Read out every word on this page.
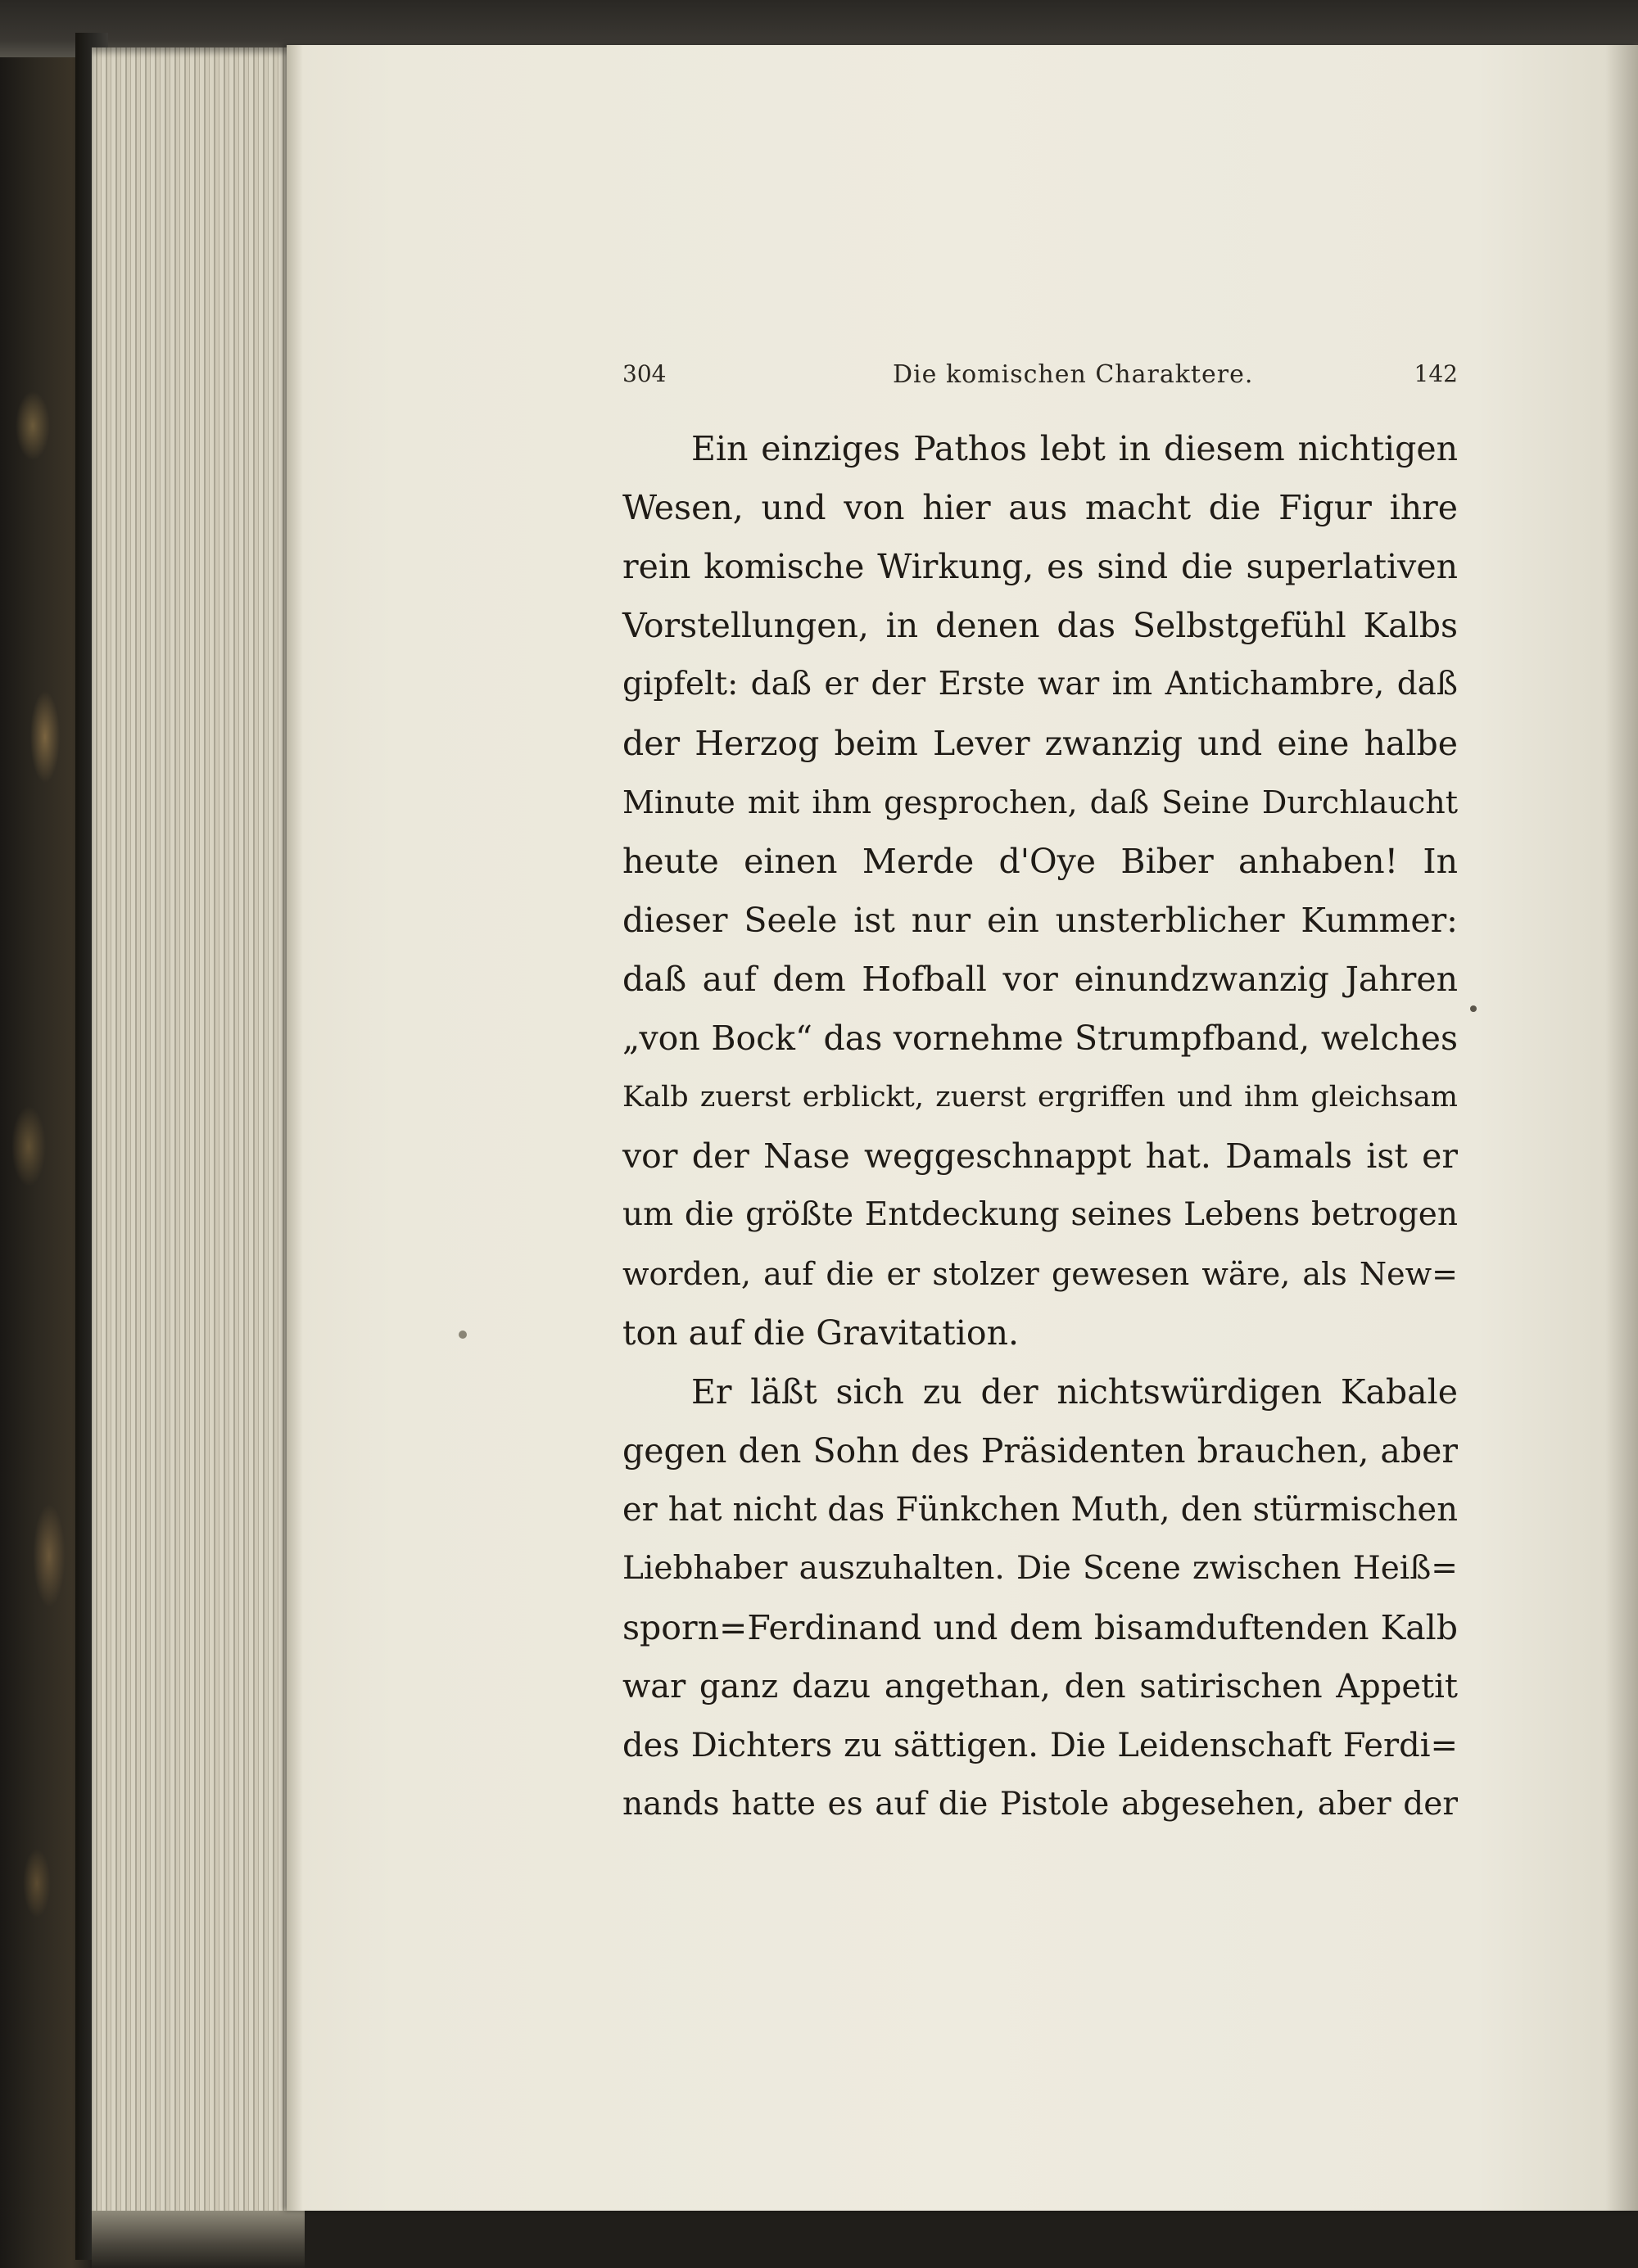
304	Die komischen Charaktere.	142
Ein einziges Pathos lebt in diesem nichtigen
Wesen, und von hier aus macht die Figur ihre
rein komische Wirkung, es sind die superlativen
Vorstellungen, in denen das Selbstgefühl Kalbs
gipfelt: daß er der Erste war im Antichambre, daß
der Herzog beim Lever zwanzig und eine halbe
Minute mit ihm gesprochen, daß Seine Durchlaucht
heute einen Merde d'Oye Biber anhaben! In
dieser Seele ist nur ein unsterblicher Kummer:
daß auf dem Hofball vor einundzwanzig Jahren
„von Bock“ das vornehme Strumpfband, welches
Kalb zuerst erblickt, zuerst ergriffen und ihm gleichsam
vor der Nase weggeschnappt hat. Damals ist er
um die größte Entdeckung seines Lebens betrogen
worden, auf die er stolzer gewesen wäre, als New=
ton auf die Gravitation.
Er läßt sich zu der nichtswürdigen Kabale
gegen den Sohn des Präsidenten brauchen, aber
er hat nicht das Fünkchen Muth, den stürmischen
Liebhaber auszuhalten. Die Scene zwischen Heiß=
sporn=Ferdinand und dem bisamduftenden Kalb
war ganz dazu angethan, den satirischen Appetit
des Dichters zu sättigen. Die Leidenschaft Ferdi=
nands hatte es auf die Pistole abgesehen, aber der
